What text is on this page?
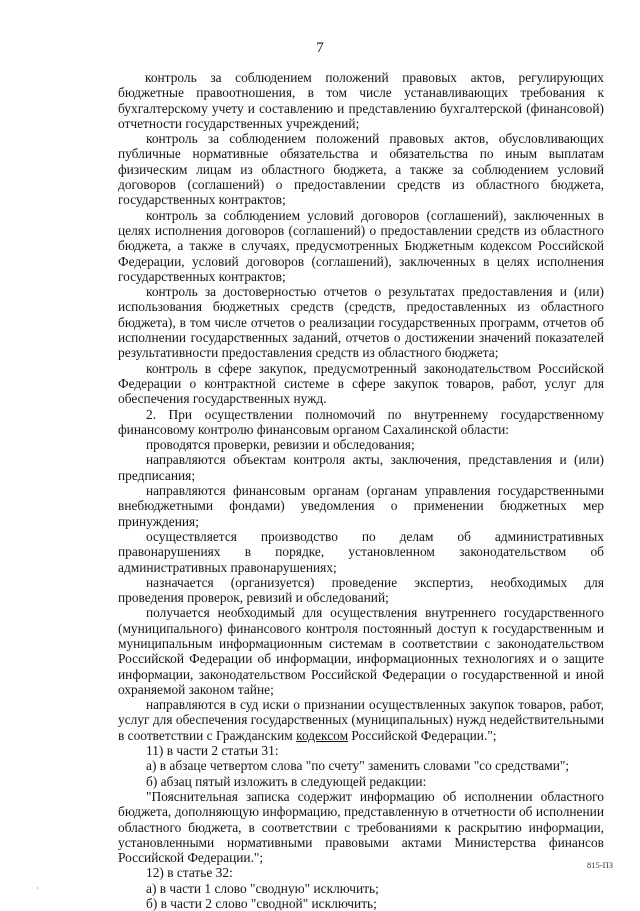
7

контроль за соблюдением положений правовых актов, регулирующих бюджетные правоотношения, в том числе устанавливающих требования к бухгалтерскому учету и составлению и представлению бухгалтерской (финансовой) отчетности государственных учреждений;

контроль за соблюдением положений правовых актов, обусловливающих публичные нормативные обязательства и обязательства по иным выплатам физическим лицам из областного бюджета, а также за соблюдением условий договоров (соглашений) о предоставлении средств из областного бюджета, государственных контрактов;

контроль за соблюдением условий договоров (соглашений), заключенных в целях исполнения договоров (соглашений) о предоставлении средств из областного бюджета, а также в случаях, предусмотренных Бюджетным кодексом Российской Федерации, условий договоров (соглашений), заключенных в целях исполнения государственных контрактов;

контроль за достоверностью отчетов о результатах предоставления и (или) использования бюджетных средств (средств, предоставленных из областного бюджета), в том числе отчетов о реализации государственных программ, отчетов об исполнении государственных заданий, отчетов о достижении значений показателей результативности предоставления средств из областного бюджета;

контроль в сфере закупок, предусмотренный законодательством Российской Федерации о контрактной системе в сфере закупок товаров, работ, услуг для обеспечения государственных нужд.

2. При осуществлении полномочий по внутреннему государственному финансовому контролю финансовым органом Сахалинской области:

проводятся проверки, ревизии и обследования;

направляются объектам контроля акты, заключения, представления и (или) предписания;

направляются финансовым органам (органам управления государственными внебюджетными фондами) уведомления о применении бюджетных мер принуждения;

осуществляется производство по делам об административных правонарушениях в порядке, установленном законодательством об административных правонарушениях;

назначается (организуется) проведение экспертиз, необходимых для проведения проверок, ревизий и обследований;

получается необходимый для осуществления внутреннего государственного (муниципального) финансового контроля постоянный доступ к государственным и муниципальным информационным системам в соответствии с законодательством Российской Федерации об информации, информационных технологиях и о защите информации, законодательством Российской Федерации о государственной и иной охраняемой законом тайне;

направляются в суд иски о признании осуществленных закупок товаров, работ, услуг для обеспечения государственных (муниципальных) нужд недействительными в соответствии с Гражданским кодексом Российской Федерации.";

11) в части 2 статьи 31:

а) в абзаце четвертом слова "по счету" заменить словами "со средствами";

б) абзац пятый изложить в следующей редакции:

"Пояснительная записка содержит информацию об исполнении областного бюджета, дополняющую информацию, представленную в отчетности об исполнении областного бюджета, в соответствии с требованиями к раскрытию информации, установленными нормативными правовыми актами Министерства финансов Российской Федерации.";

12) в статье 32:

а) в части 1 слово "сводную" исключить;

б) в части 2 слово "сводной" исключить;

815-ПЗ
·
